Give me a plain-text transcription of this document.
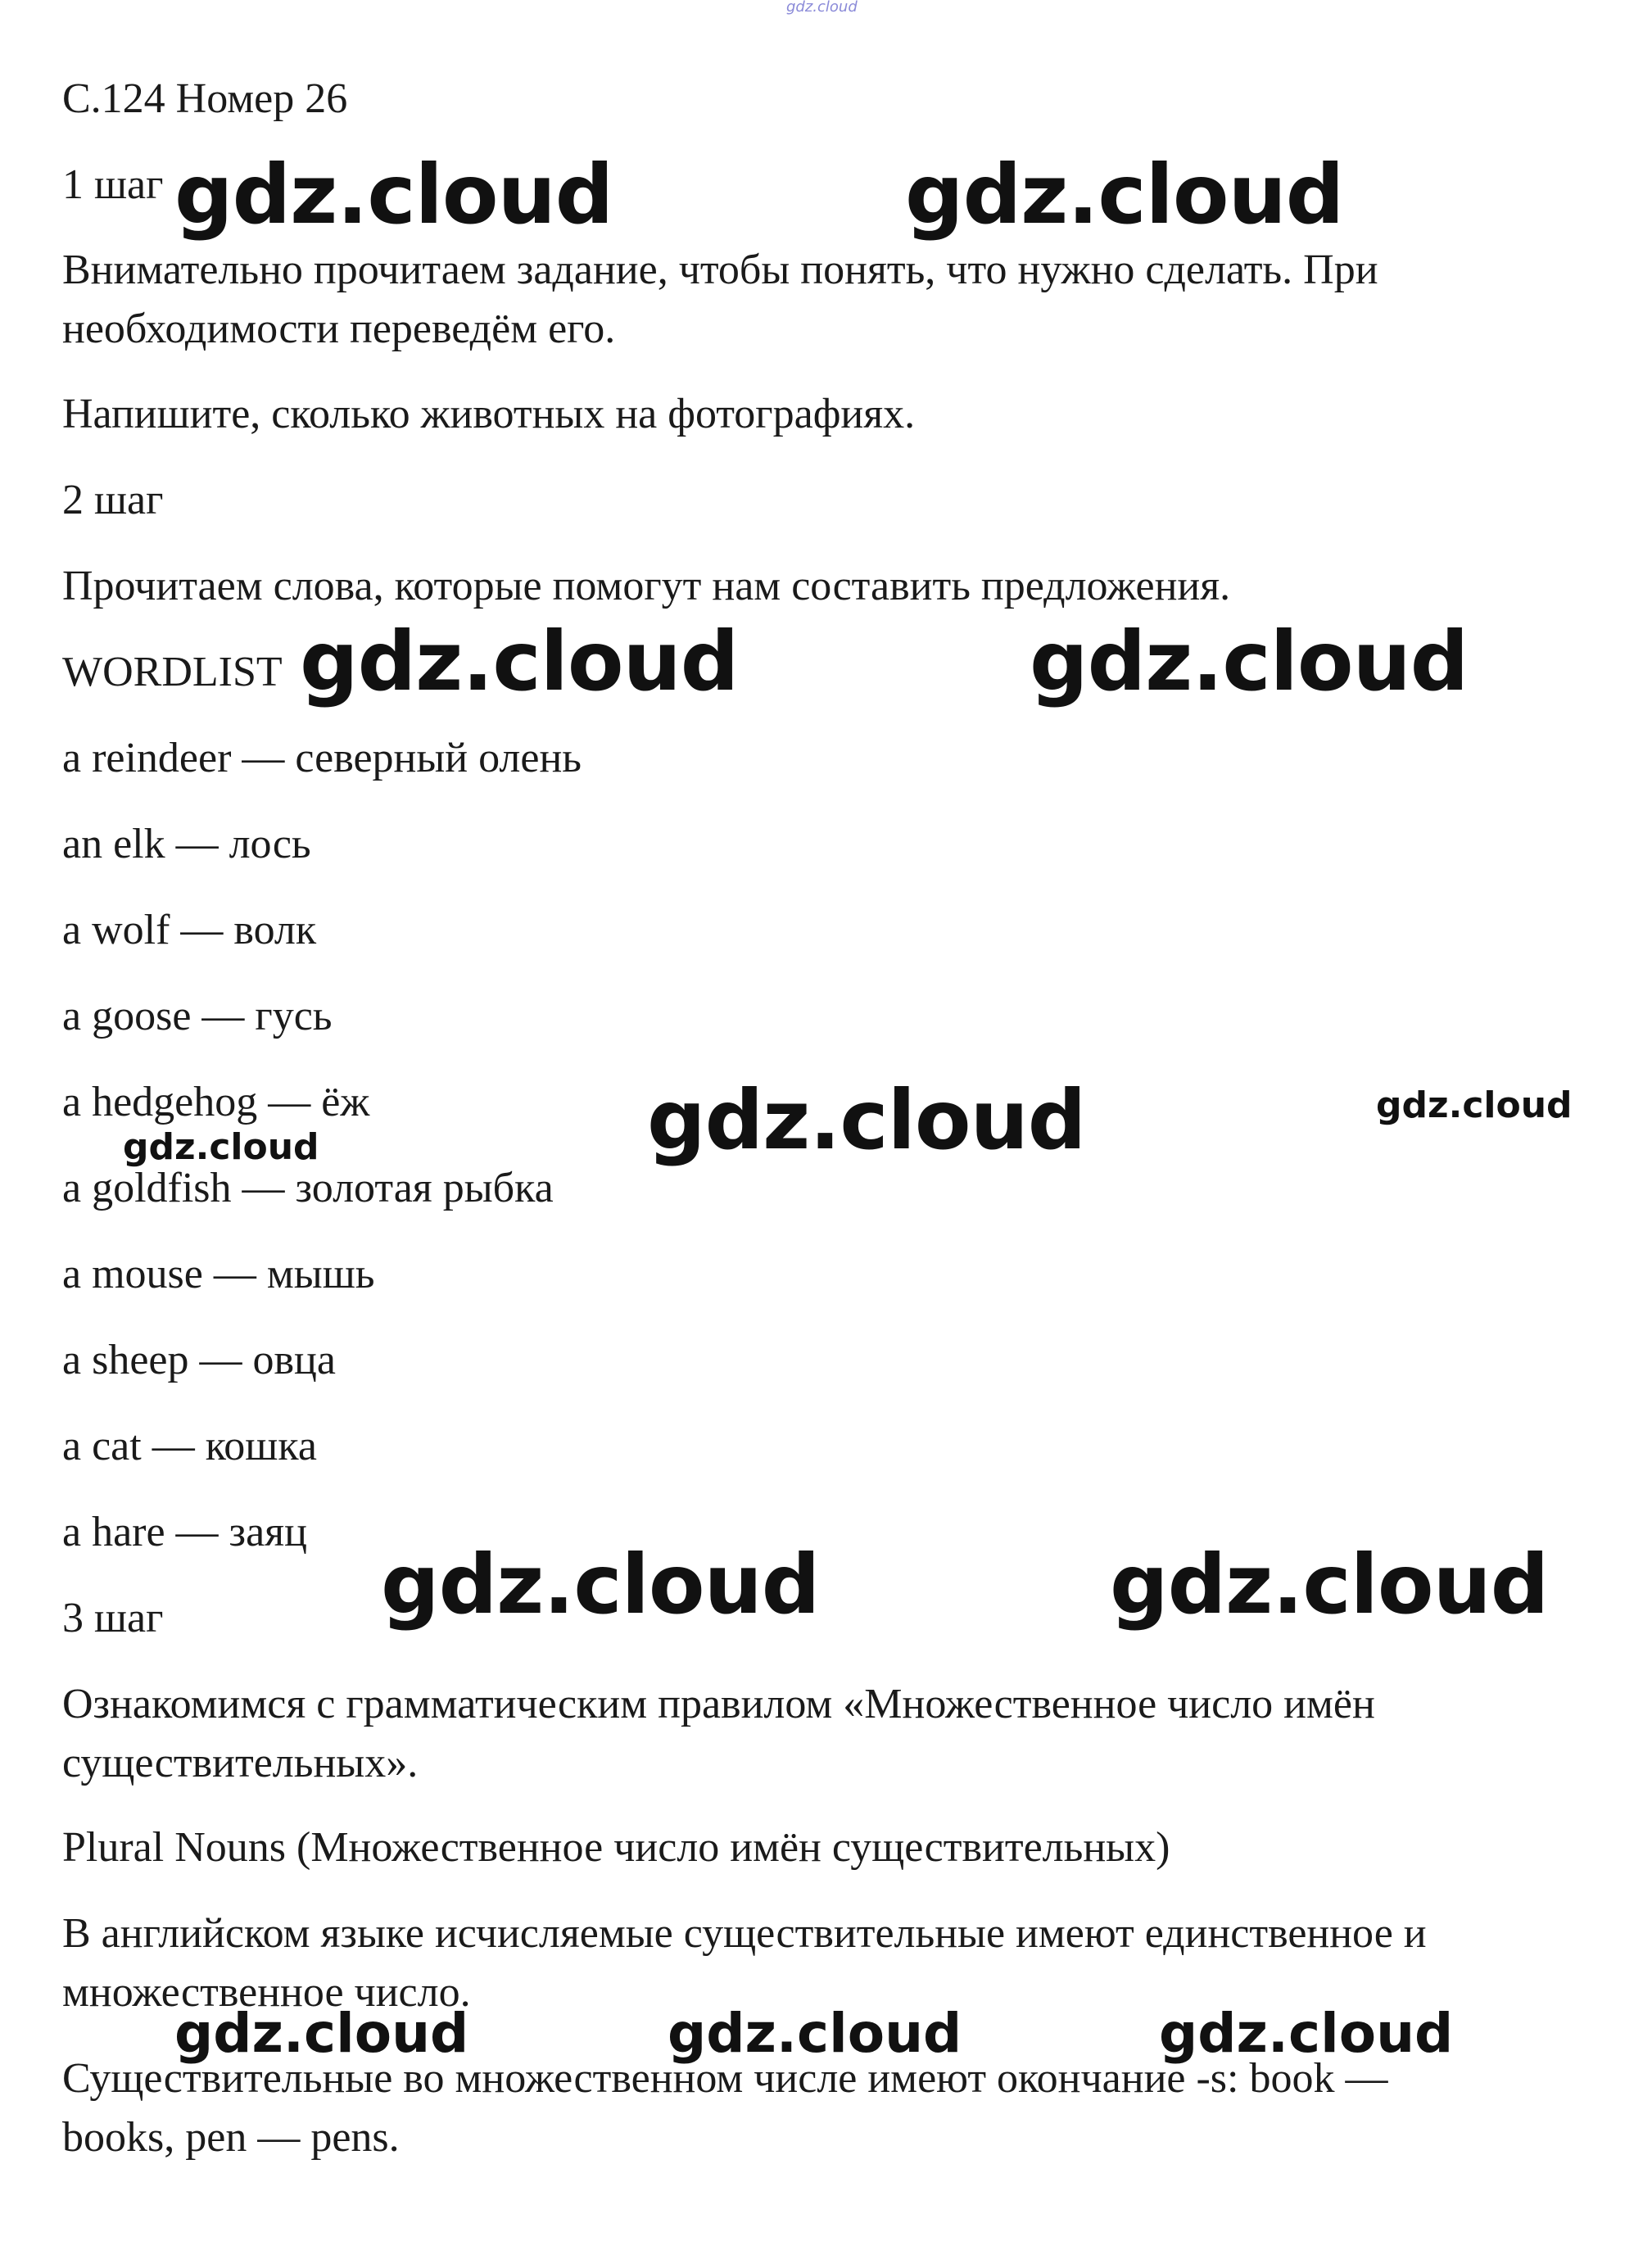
gdz.cloud
С.124 Номер 26
1 шаг gdz.cloud	gdz.cloud
Внимательно прочитаем задание, чтобы понять, что нужно сделать. При
необходимости переведём его.
Напишите, сколько животных на фотографиях.
2 шаг
Прочитаем слова, которые помогут нам составить предложения.
WORDLIST gdz.cloud	gdz.cloud
a reindeer — северный олень
an elk — лось
a wolf — волк
a goose — гусь
a hedgehog — ёж
gdz.cloud	gdz.cloud	gdz.cloud
a goldfish — золотая рыбка
a mouse — мышь
a sheep — овца
a cat — кошка
a hare — заяц
gdz.cloud	gdz.cloud
3 шаг
Ознакомимся с грамматическим правилом «Множественное число имён
существительных».
Plural Nouns (Множественное число имён существительных)
В английском языке исчисляемые существительные имеют единственное и
множественное число.
gdz.cloud	gdz.cloud	gdz.cloud
Существительные во множественном числе имеют окончание -s: book —
books, pen — pens.
